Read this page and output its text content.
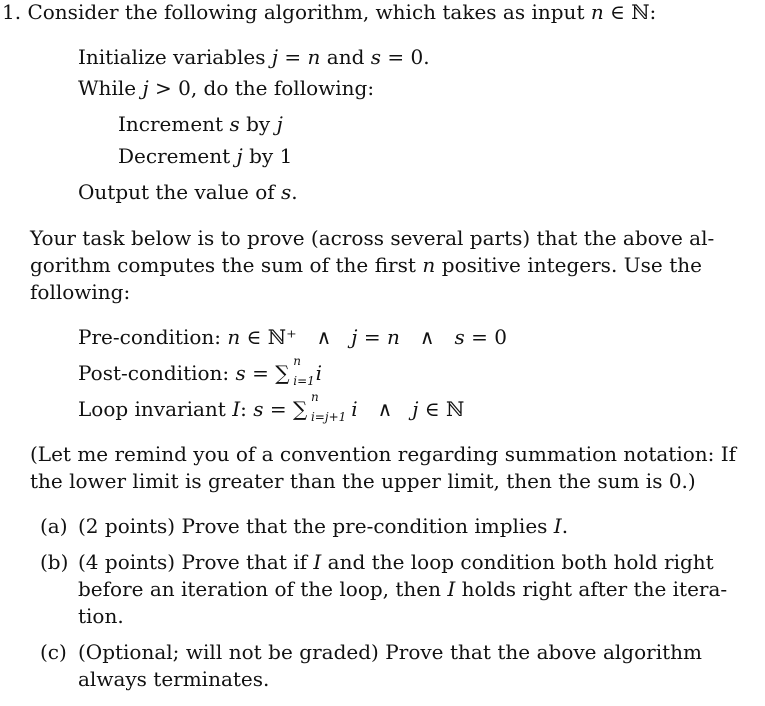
1. Consider the following algorithm, which takes as input n ∈ ℕ:
Initialize variables j = n and s = 0.
While j > 0, do the following:
Increment s by j
Decrement j by 1
Output the value of s.
Your task below is to prove (across several parts) that the above al-
gorithm computes the sum of the first n positive integers. Use the
following:
Pre-condition: n ∈ ℕ⁺ ∧ j = n ∧ s = 0
Post-condition: s = ∑ n
i=1 i
Loop invariant I: s = ∑ n
i=j+1 i ∧ j ∈ ℕ
(Let me remind you of a convention regarding summation notation: If
the lower limit is greater than the upper limit, then the sum is 0.)
(a) (2 points) Prove that the pre-condition implies I.
(b) (4 points) Prove that if I and the loop condition both hold right
before an iteration of the loop, then I holds right after the itera-
tion.
(c) (Optional; will not be graded) Prove that the above algorithm
always terminates.
